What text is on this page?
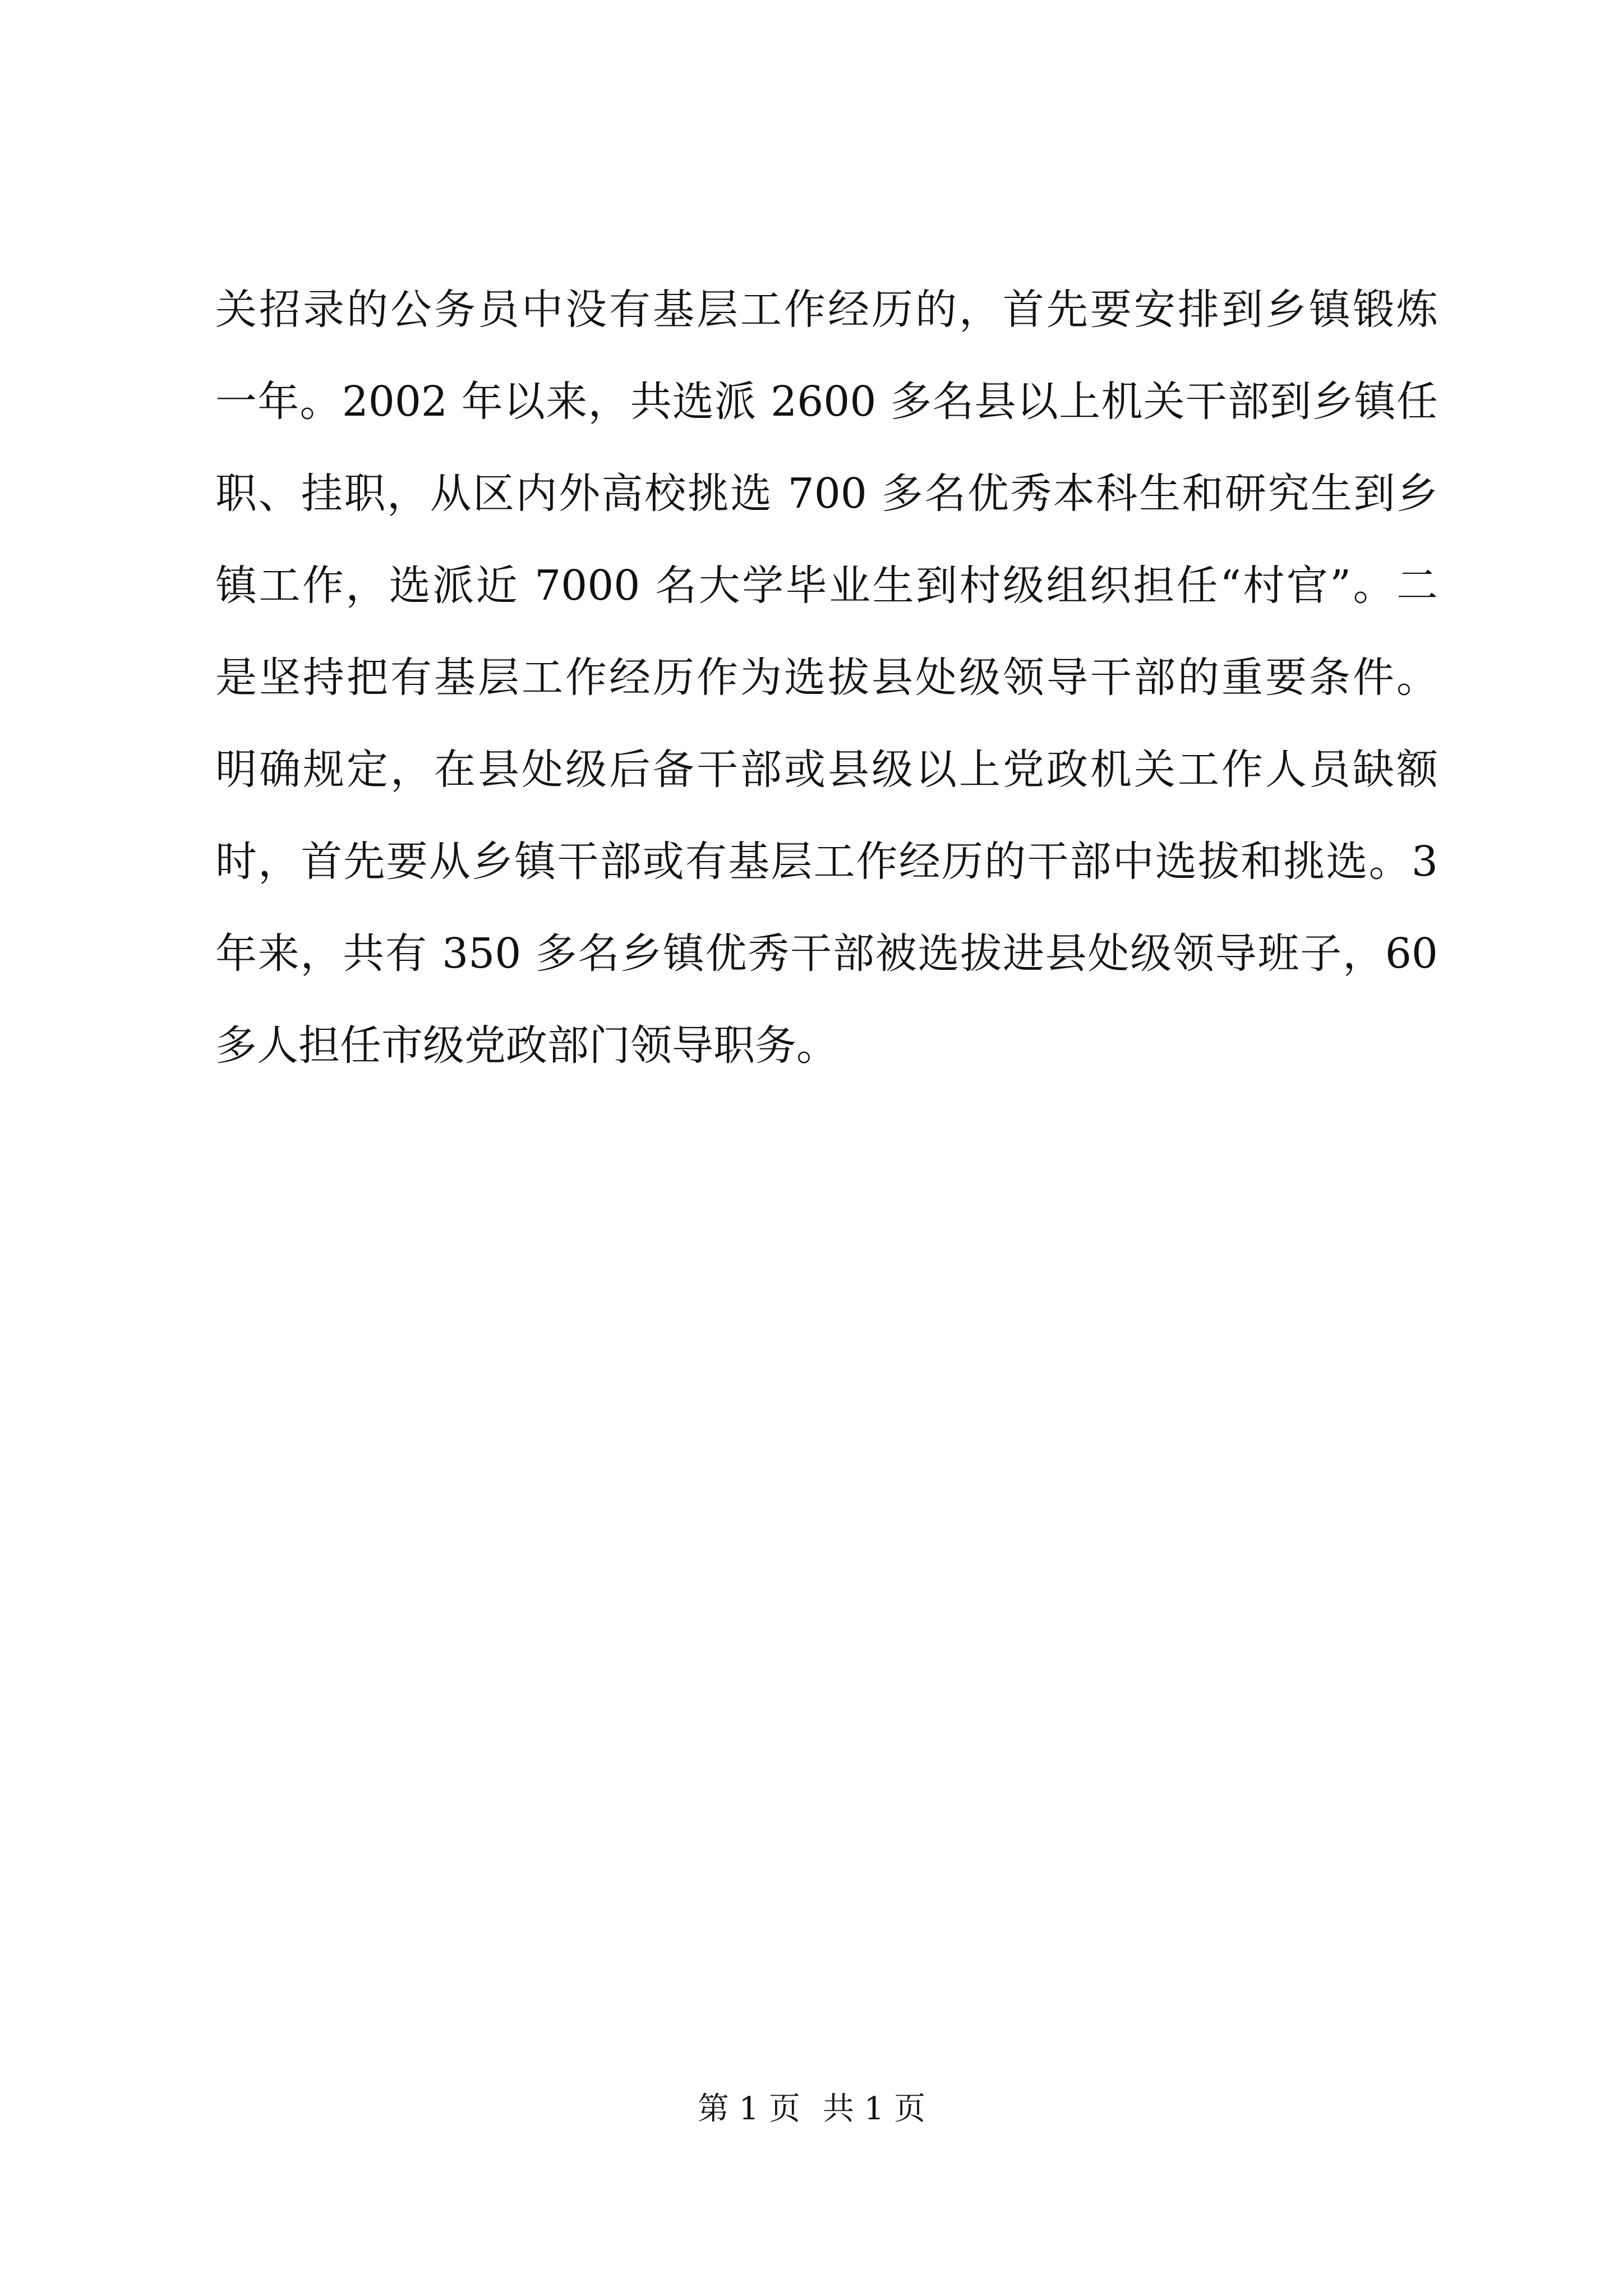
关招录的公务员中没有基层工作经历的，首先要安排到乡镇锻炼
一年。2002 年以来，共选派 2600 多名县以上机关干部到乡镇任
职、挂职，从区内外高校挑选 700 多名优秀本科生和研究生到乡
镇工作，选派近 7000 名大学毕业生到村级组织担任“村官”。二
是坚持把有基层工作经历作为选拔县处级领导干部的重要条件。
明确规定，在县处级后备干部或县级以上党政机关工作人员缺额
时，首先要从乡镇干部或有基层工作经历的干部中选拔和挑选。3
年来，共有 350 多名乡镇优秀干部被选拔进县处级领导班子，60
多人担任市级党政部门领导职务。
第 1 页 共 1 页
